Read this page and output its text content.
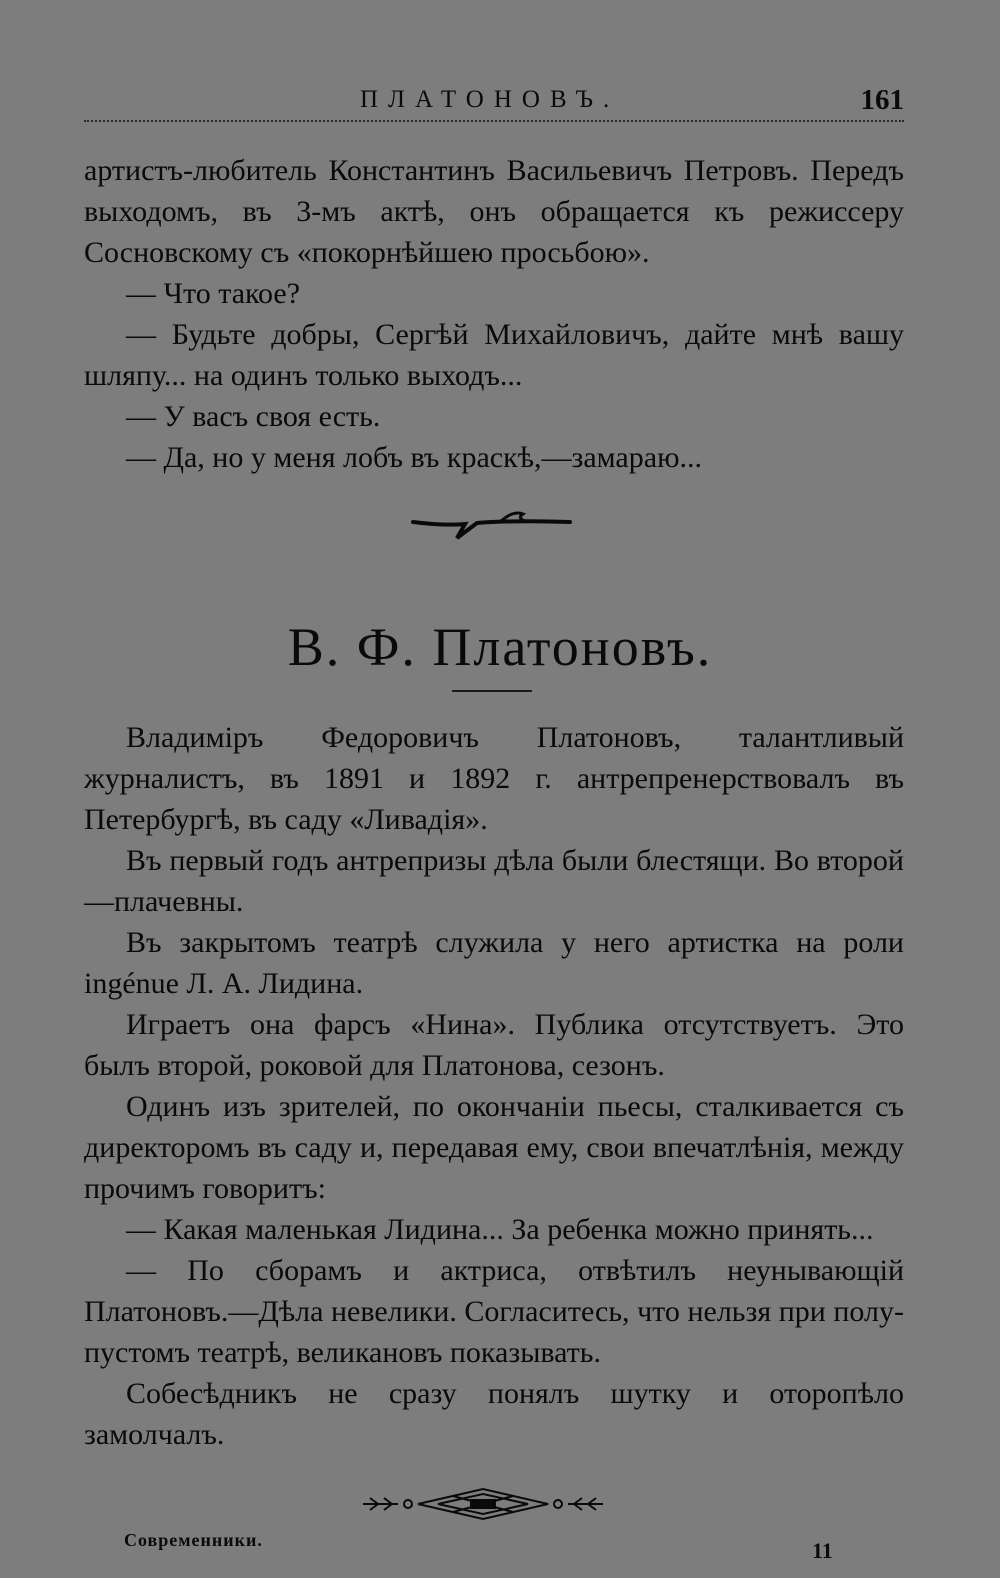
ПЛАТОНОВЪ.	161

артистъ-любитель Константинъ Васильевичъ Петровъ. Передъ выходомъ, въ 3-мъ актѣ, онъ обращается къ режиссеру Сосновскому съ «покорнѣйшею просьбою».

— Что такое?

— Будьте добры, Сергѣй Михайловичъ, дайте мнѣ вашу шляпу... на одинъ только выходъ...

— У васъ своя есть.

— Да, но у меня лобъ въ краскѣ,—замараю...

В. Ф. Платоновъ.

Владиміръ Федоровичъ Платоновъ, талантливый журналистъ, въ 1891 и 1892 г. антрепренерствовалъ въ Петербургѣ, въ саду «Ливадія».

Въ первый годъ антрепризы дѣла были блестящи. Во второй—плачевны.

Въ закрытомъ театрѣ служила у него артистка на роли ingénue Л. А. Лидина.

Играетъ она фарсъ «Нина». Публика отсутствуетъ. Это былъ второй, роковой для Платонова, сезонъ.

Одинъ изъ зрителей, по окончаніи пьесы, сталкивается съ директоромъ въ саду и, передавая ему, свои впечатлѣнія, между прочимъ говоритъ:

— Какая маленькая Лидина... За ребенка можно принять...

— По сборамъ и актриса, отвѣтилъ неунывающій Платоновъ.—Дѣла невелики. Согласитесь, что нельзя при полу-пустомъ театрѣ, великановъ показывать.

Собесѣдникъ не сразу понялъ шутку и оторопѣло замолчалъ.

Современники.	11
